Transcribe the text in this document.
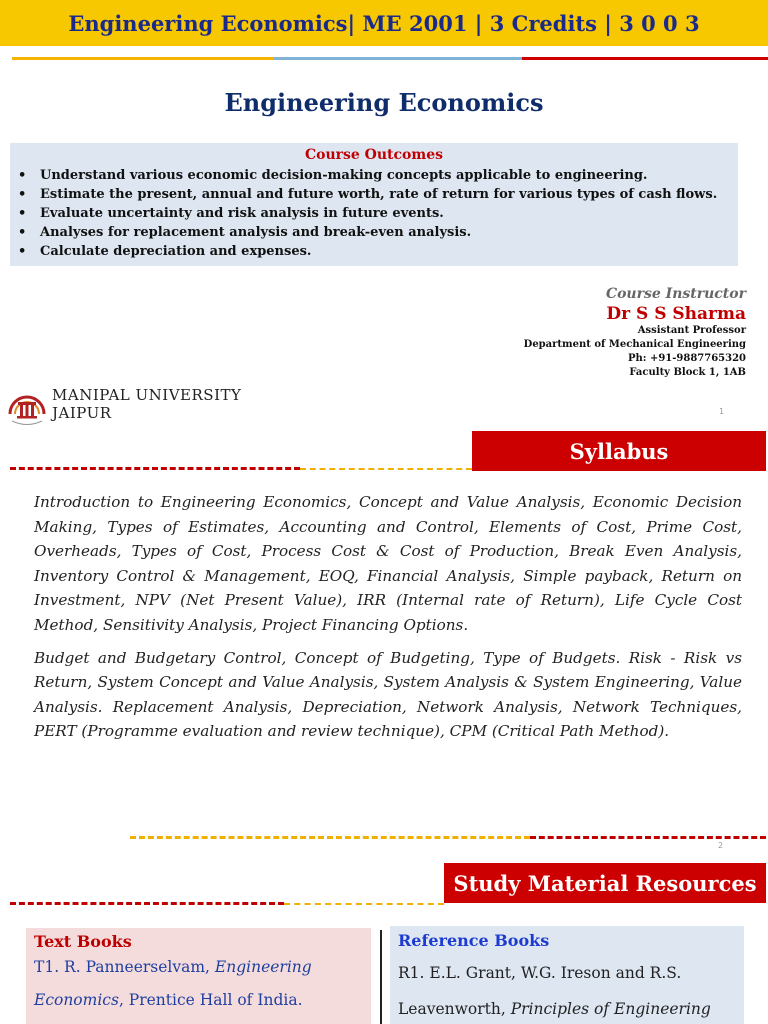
Engineering Economics| ME 2001 | 3 Credits | 3 0 0 3
Engineering Economics
Course Outcomes
• Understand various economic decision-making concepts applicable to engineering.
• Estimate the present, annual and future worth, rate of return for various types of cash flows.
• Evaluate uncertainty and risk analysis in future events.
• Analyses for replacement analysis and break-even analysis.
• Calculate depreciation and expenses.
Course Instructor
Dr S S Sharma
Assistant Professor
Department of Mechanical Engineering
Ph: +91-9887765320
Faculty Block 1, 1AB
MANIPAL UNIVERSITY
JAIPUR	1
Syllabus

Introduction to Engineering Economics, Concept and Value Analysis, Economic Decision Making, Types of Estimates, Accounting and Control, Elements of Cost, Prime Cost, Overheads, Types of Cost, Process Cost & Cost of Production, Break Even Analysis, Inventory Control & Management, EOQ, Financial Analysis, Simple payback, Return on Investment, NPV (Net Present Value), IRR (Internal rate of Return), Life Cycle Cost Method, Sensitivity Analysis, Project Financing Options.

Budget and Budgetary Control, Concept of Budgeting, Type of Budgets. Risk - Risk vs Return, System Concept and Value Analysis, System Analysis & System Engineering, Value Analysis. Replacement Analysis, Depreciation, Network Analysis, Network Techniques, PERT (Programme evaluation and review technique), CPM (Critical Path Method).

2
Study Material Resources
Text Books
T1. R. Panneerselvam, Engineering
Economics, Prentice Hall of India.
Reference Books
R1. E.L. Grant, W.G. Ireson and R.S.
Leavenworth, Principles of Engineering
